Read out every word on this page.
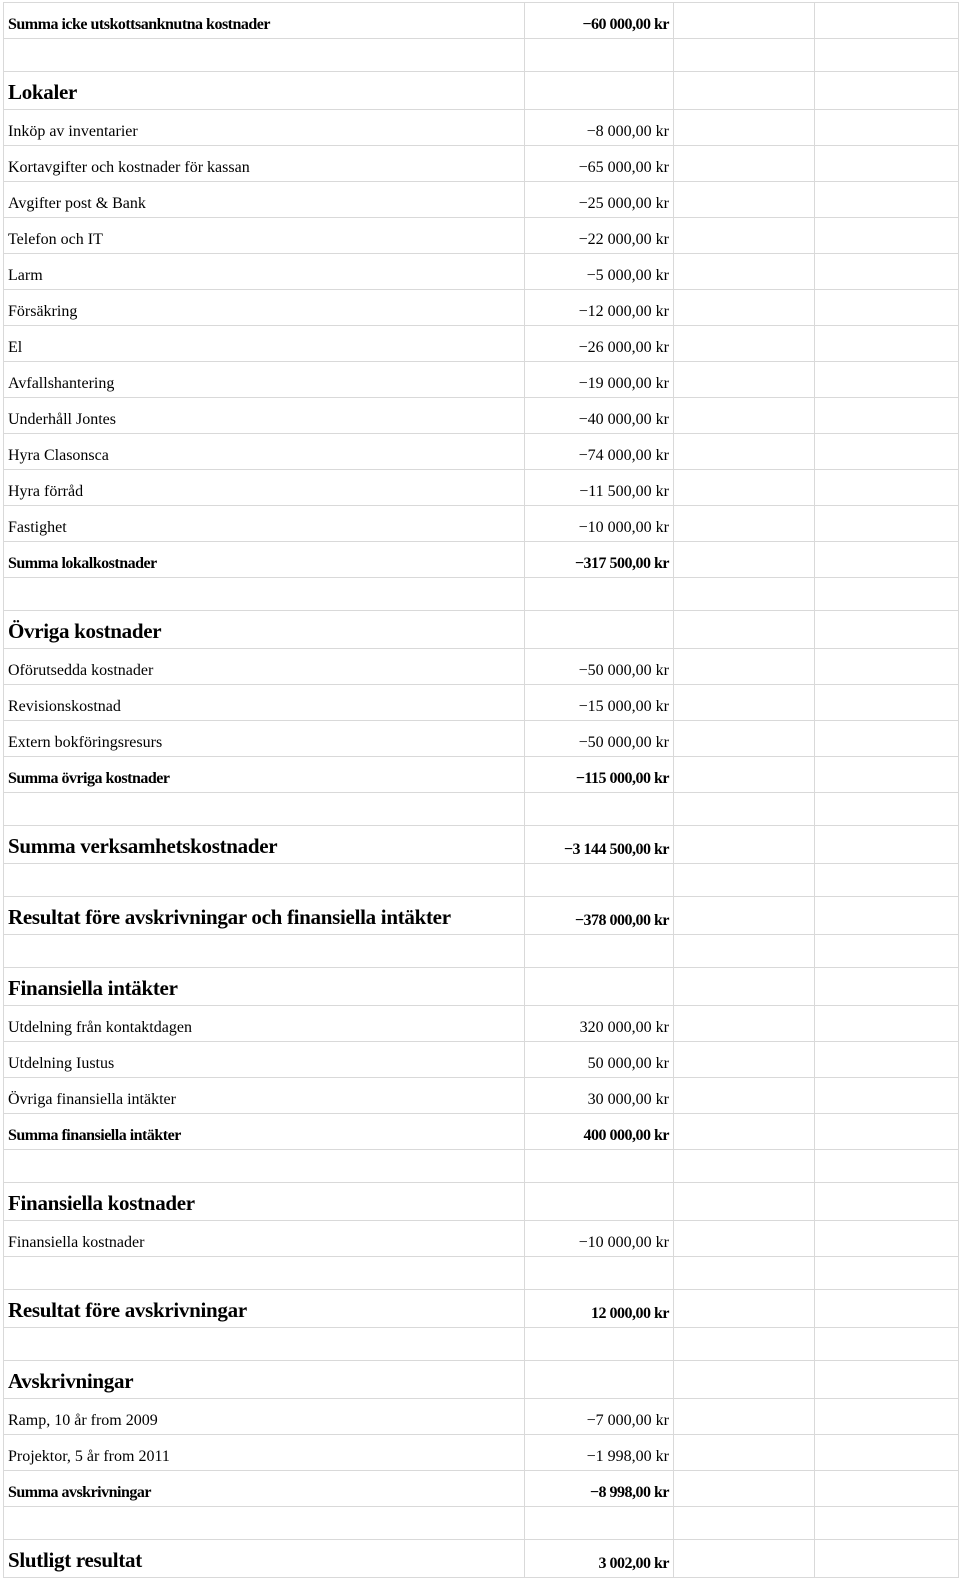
Summa icke utskottsanknutna kostnader	−60 000,00 kr		

Lokaler			
Inköp av inventarier	−8 000,00 kr		
Kortavgifter och kostnader för kassan	−65 000,00 kr		
Avgifter post & Bank	−25 000,00 kr		
Telefon och IT	−22 000,00 kr		
Larm	−5 000,00 kr		
Försäkring	−12 000,00 kr		
El	−26 000,00 kr		
Avfallshantering	−19 000,00 kr		
Underhåll Jontes	−40 000,00 kr		
Hyra Clasonsca	−74 000,00 kr		
Hyra förråd	−11 500,00 kr		
Fastighet	−10 000,00 kr		
Summa lokalkostnader	−317 500,00 kr		

Övriga kostnader			
Oförutsedda kostnader	−50 000,00 kr		
Revisionskostnad	−15 000,00 kr		
Extern bokföringsresurs	−50 000,00 kr		
Summa övriga kostnader	−115 000,00 kr		

Summa verksamhetskostnader	−3 144 500,00 kr		

Resultat före avskrivningar och finansiella intäkter	−378 000,00 kr		

Finansiella intäkter			
Utdelning från kontaktdagen	320 000,00 kr		
Utdelning Iustus	50 000,00 kr		
Övriga finansiella intäkter	30 000,00 kr		
Summa finansiella intäkter	400 000,00 kr		

Finansiella kostnader			
Finansiella kostnader	−10 000,00 kr		

Resultat före avskrivningar	12 000,00 kr		

Avskrivningar			
Ramp, 10 år from 2009	−7 000,00 kr		
Projektor, 5 år from 2011	−1 998,00 kr		
Summa avskrivningar	−8 998,00 kr		

Slutligt resultat	3 002,00 kr		
